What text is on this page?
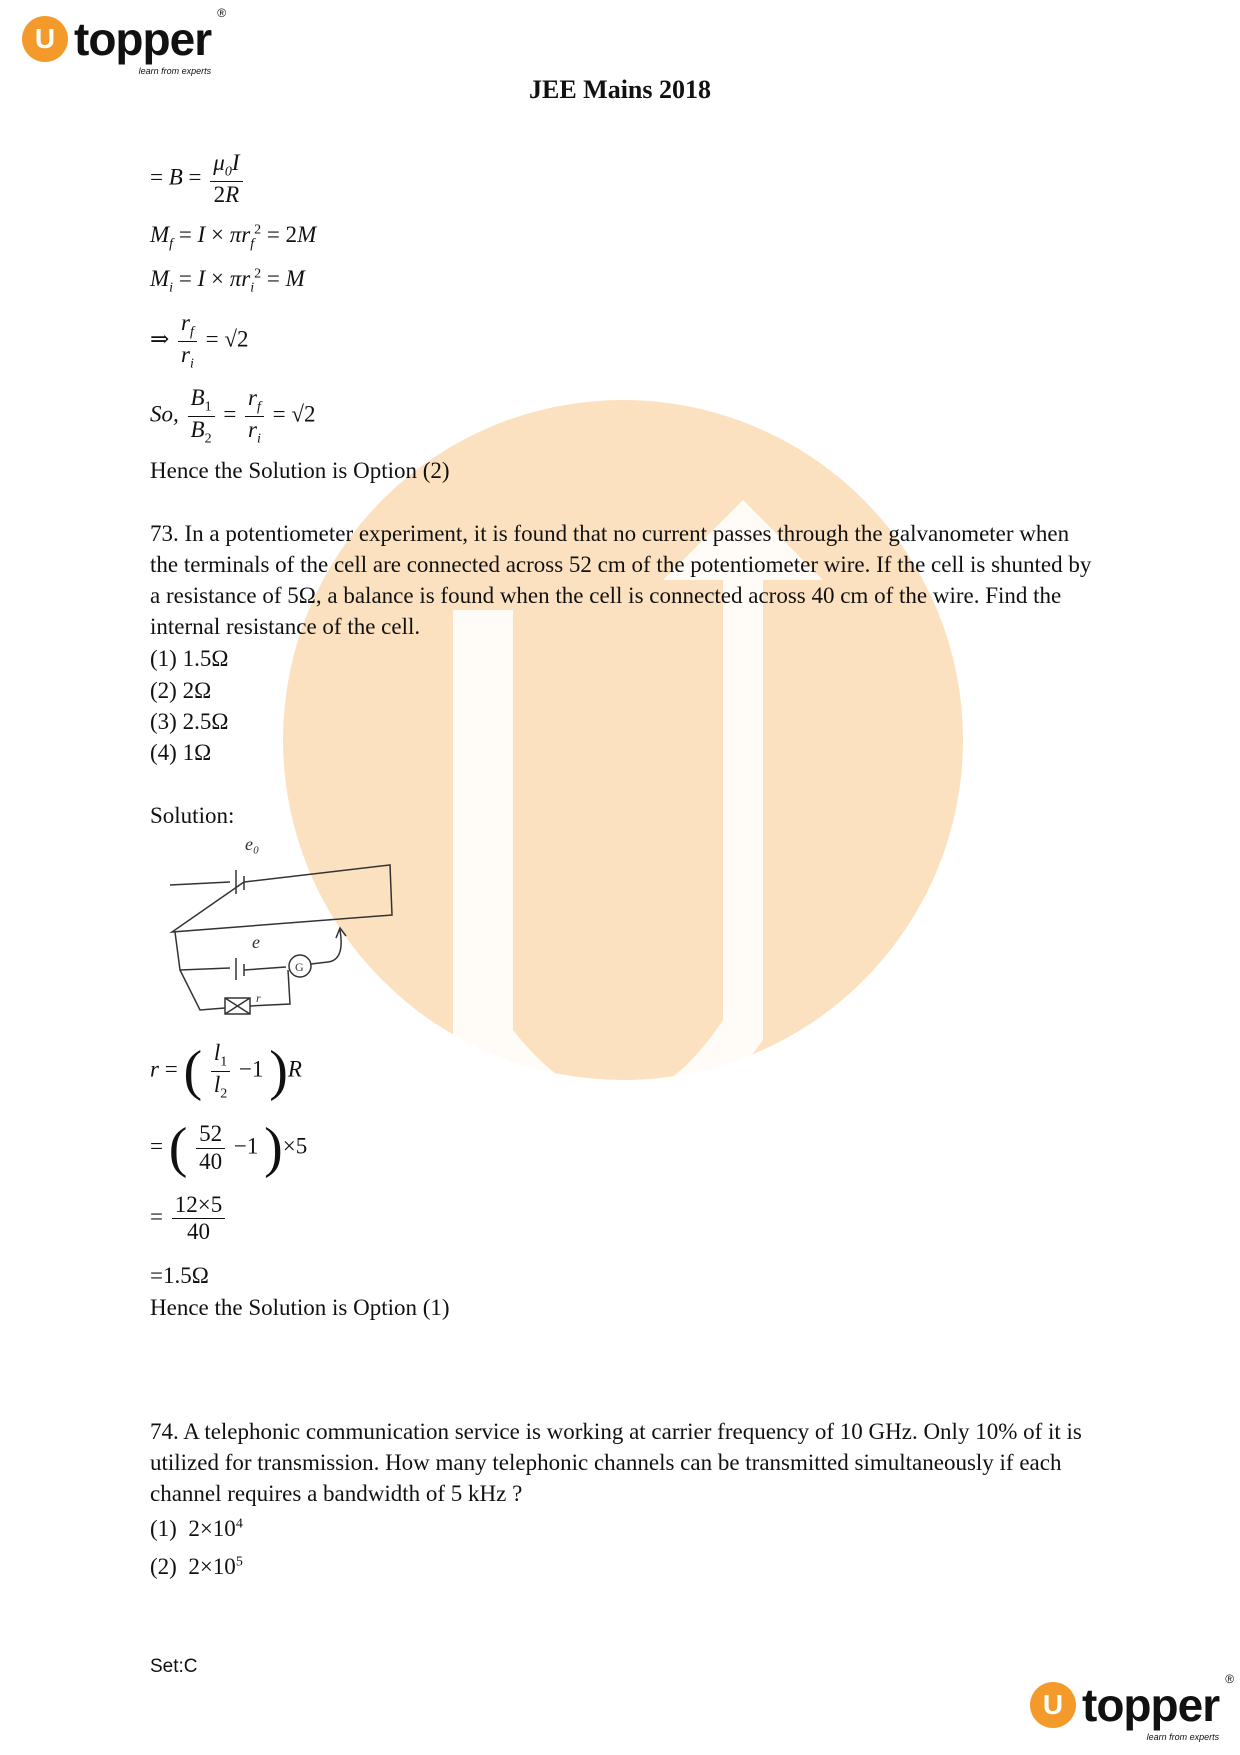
U topper ®
learn from experts
JEE Mains 2018
= $B = \frac{\mu_0I}{2R}$
$M_f = I \times \pi r_f^2 = 2M$
$M_i = I \times \pi r_i^2 = M$
⇒ $\frac{r_f}{r_i} = √2$
So, $\frac{B_1}{B_2} = \frac{r_f}{r_i} = √2$
Hence the Solution is Option (2)
73. In a potentiometer experiment, it is found that no current passes through the galvanometer when the terminals of the cell are connected across 52 cm of the potentiometer wire. If the cell is shunted by a resistance of 5Ω, a balance is found when the cell is connected across 40 cm of the wire. Find the internal resistance of the cell.
(1) 1.5Ω
(2) 2Ω
(3) 2.5Ω
(4) 1Ω
Solution:
e₀
e
G
r
r = ( $\frac{l_1}{l_2} -1$ )R
= ( $\frac{52}{40} -1$ )×5
= $\frac{12\times 5}{40}$
=1.5Ω
Hence the Solution is Option (1)
74. A telephonic communication service is working at carrier frequency of 10 GHz. Only 10% of it is utilized for transmission. How many telephonic channels can be transmitted simultaneously if each channel requires a bandwidth of 5 kHz ?
(1) $2\times 10^4$
(2) $2\times 10^5$
Set:C
U topper ®
learn from experts
